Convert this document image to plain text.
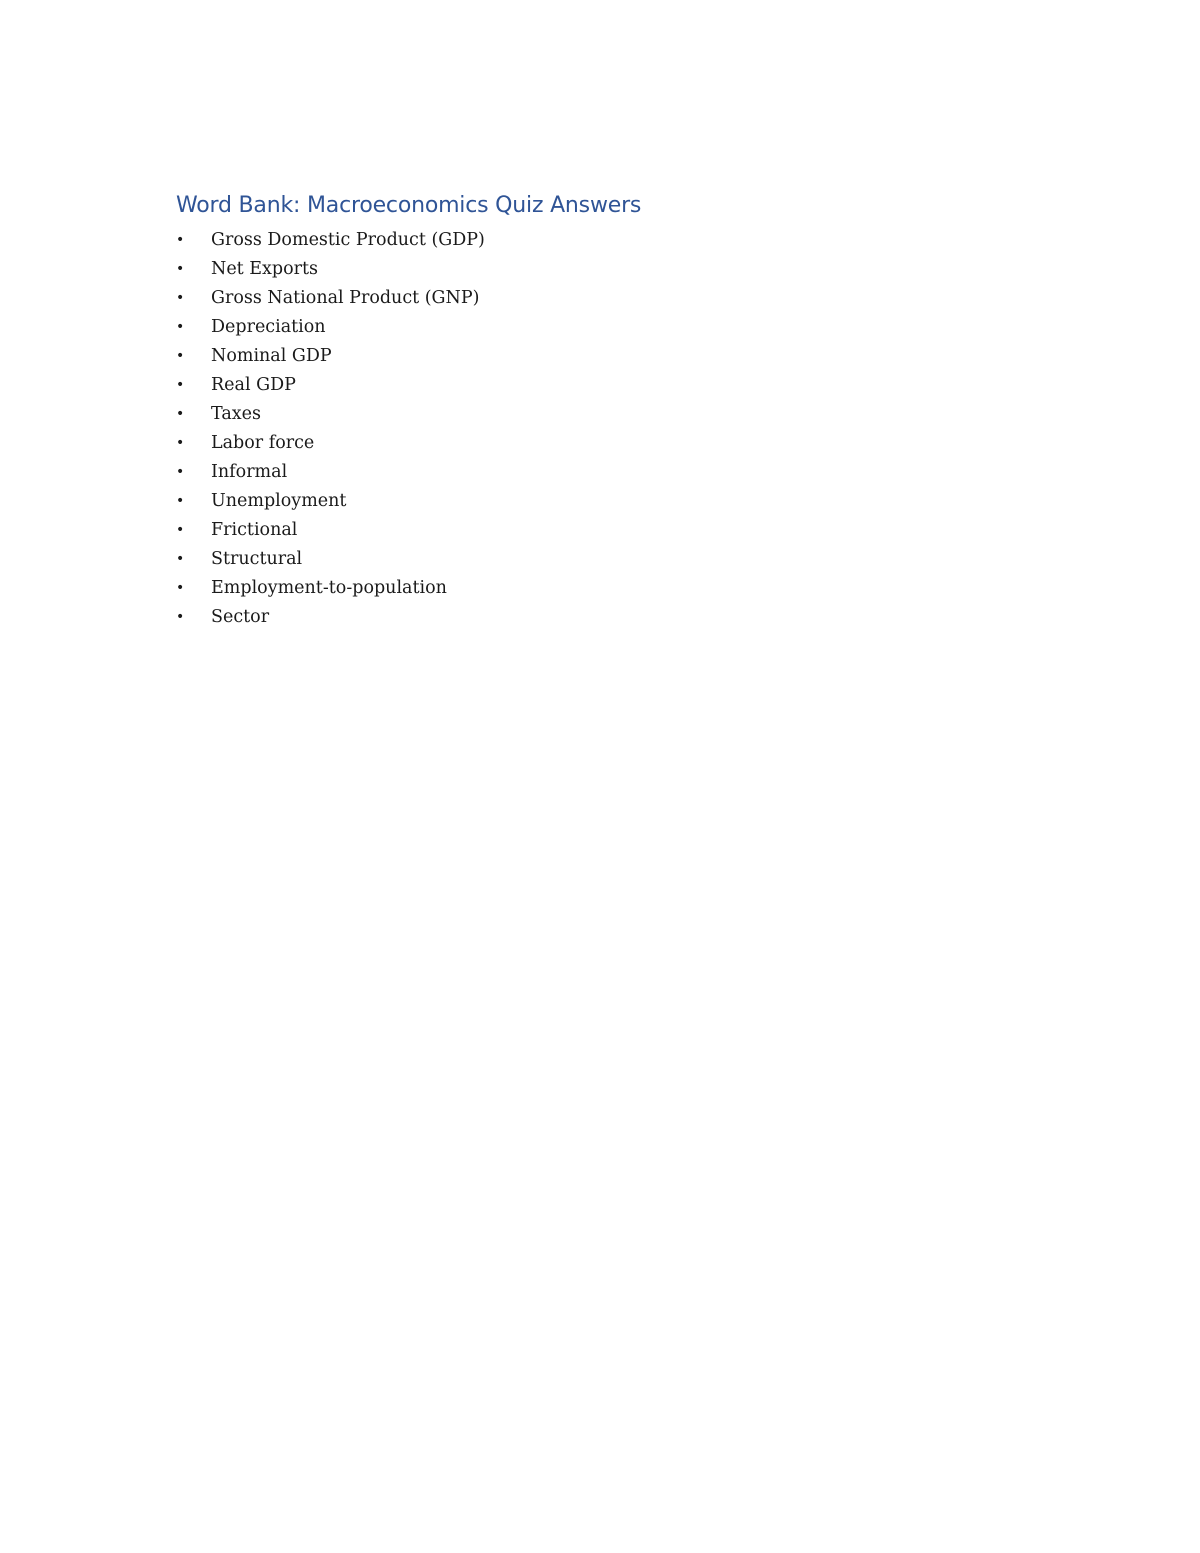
Word Bank: Macroeconomics Quiz Answers
• Gross Domestic Product (GDP)
• Net Exports
• Gross National Product (GNP)
• Depreciation
• Nominal GDP
• Real GDP
• Taxes
• Labor force
• Informal
• Unemployment
• Frictional
• Structural
• Employment-to-population
• Sector
